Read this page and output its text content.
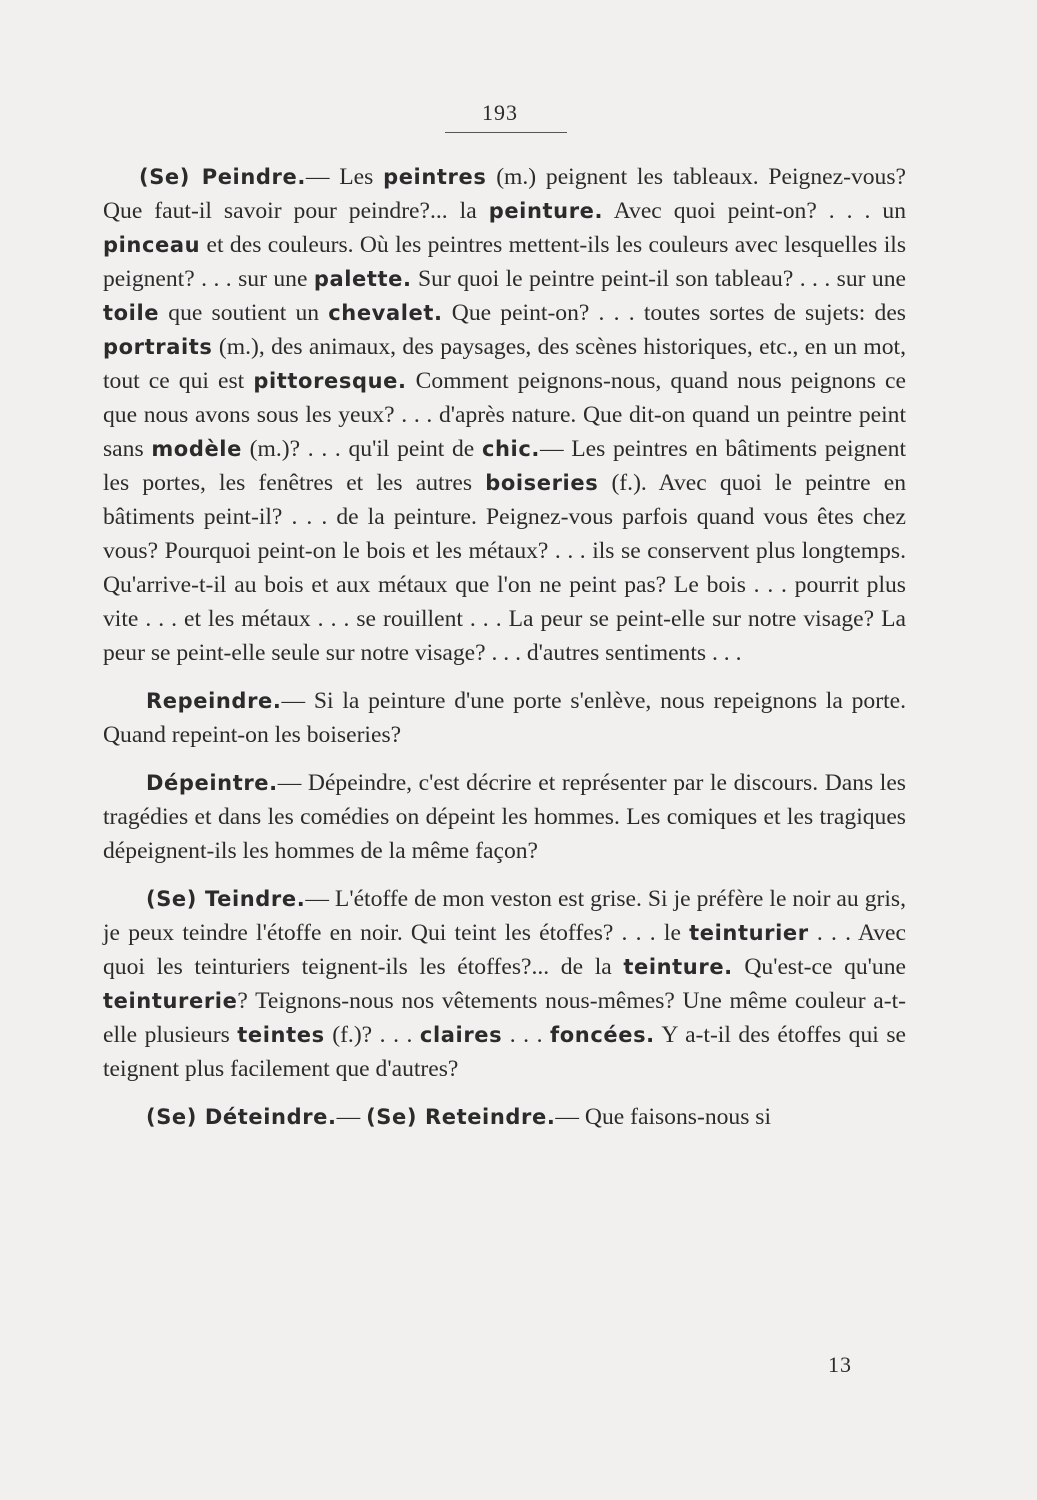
193

(Se) Peindre.— Les peintres (m.) peignent les tableaux. Peignez-vous? Que faut-il savoir pour peindre?... la peinture. Avec quoi peint-on? . . . un pinceau et des couleurs. Où les peintres mettent-ils les couleurs avec lesquelles ils peignent? . . . sur une palette. Sur quoi le peintre peint-il son tableau? . . . sur une toile que soutient un chevalet. Que peint-on? . . . toutes sortes de sujets: des portraits (m.), des animaux, des paysages, des scènes historiques, etc., en un mot, tout ce qui est pittoresque. Comment peignons-nous, quand nous peignons ce que nous avons sous les yeux? . . . d'après nature. Que dit-on quand un peintre peint sans modèle (m.)? . . . qu'il peint de chic.— Les peintres en bâtiments peignent les portes, les fenêtres et les autres boiseries (f.). Avec quoi le peintre en bâtiments peint-il? . . . de la peinture. Peignez-vous parfois quand vous êtes chez vous? Pourquoi peint-on le bois et les métaux? . . . ils se conservent plus longtemps. Qu'arrive-t-il au bois et aux métaux que l'on ne peint pas? Le bois . . . pourrit plus vite . . . et les métaux . . . se rouillent . . . La peur se peint-elle sur notre visage? La peur se peint-elle seule sur notre visage? . . . d'autres sentiments . . .

Repeindre.— Si la peinture d'une porte s'enlève, nous repeignons la porte. Quand repeint-on les boiseries?

Dépeintre.— Dépeindre, c'est décrire et représenter par le discours. Dans les tragédies et dans les comédies on dépeint les hommes. Les comiques et les tragiques dépeignent-ils les hommes de la même façon?

(Se) Teindre.— L'étoffe de mon veston est grise. Si je préfère le noir au gris, je peux teindre l'étoffe en noir. Qui teint les étoffes? . . . le teinturier . . . Avec quoi les teinturiers teignent-ils les étoffes?... de la teinture. Qu'est-ce qu'une teinturerie? Teignons-nous nos vêtements nous-mêmes? Une même couleur a-t-elle plusieurs teintes (f.)? . . . claires . . . foncées. Y a-t-il des étoffes qui se teignent plus facilement que d'autres?

(Se) Déteindre.— (Se) Reteindre.— Que faisons-nous si

13
